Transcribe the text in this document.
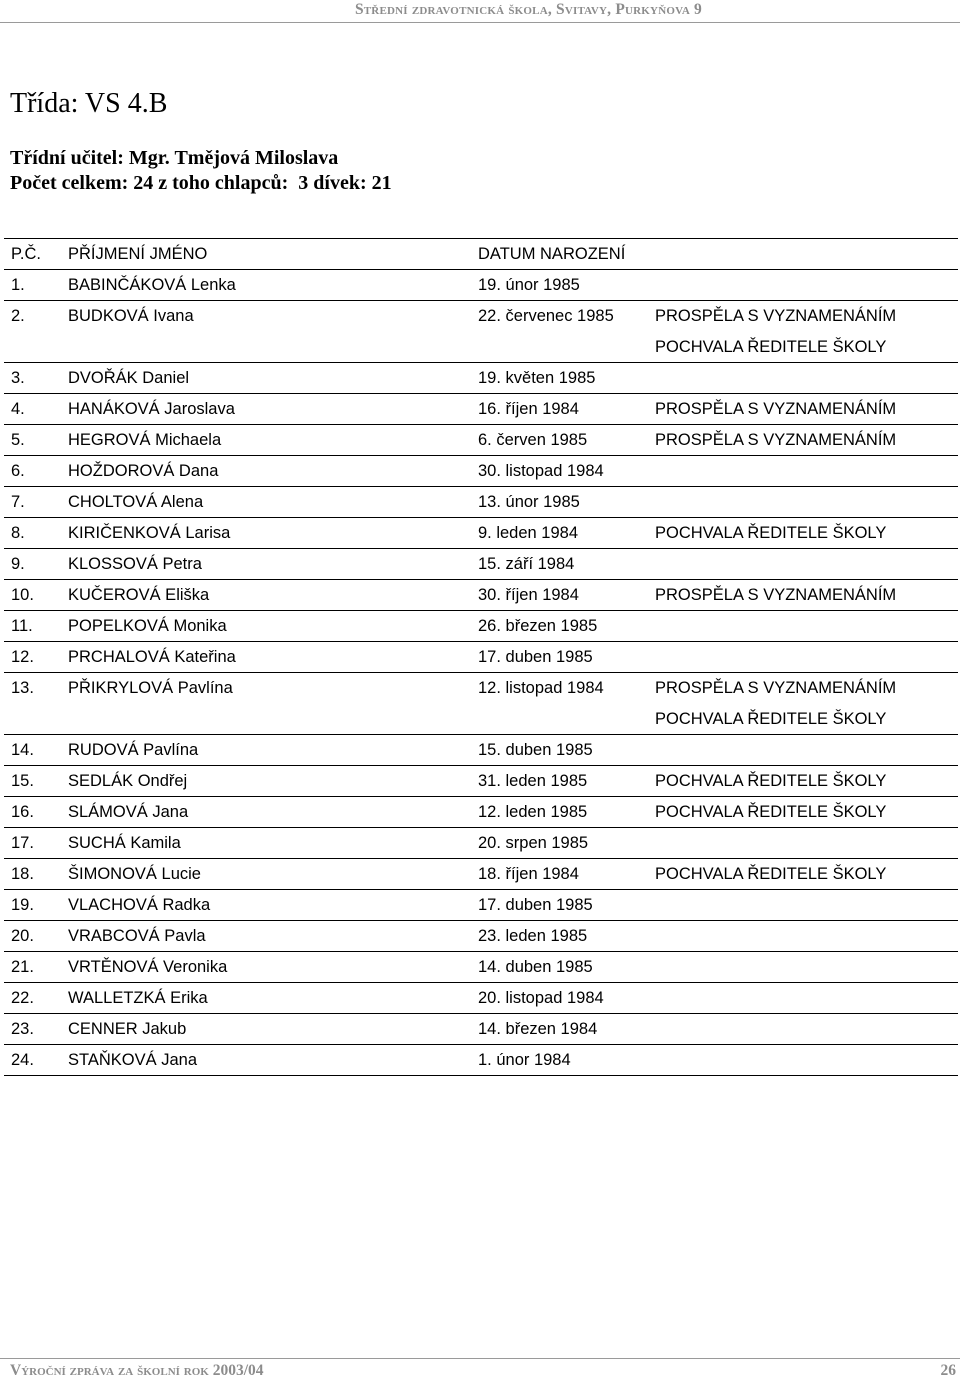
Střední zdravotnická škola, Svitavy, Purkyňova 9
Třída: VS 4.B
Třídní učitel: Mgr. Tmějová Miloslava
Počet celkem: 24 z toho chlapců:  3 dívek: 21
P.Č. PŘÍJMENÍ JMÉNO	DATUM NAROZENÍ
1.	BABINČÁKOVÁ Lenka	19. únor 1985
2.	BUDKOVÁ Ivana	22. červenec 1985 PROSPĚLA S VYZNAMENÁNÍM
POCHVALA ŘEDITELE ŠKOLY
3.	DVOŘÁK Daniel	19. květen 1985
4.	HANÁKOVÁ Jaroslava	16. říjen 1984	PROSPĚLA S VYZNAMENÁNÍM
5.	HEGROVÁ Michaela	6. červen 1985	PROSPĚLA S VYZNAMENÁNÍM
6.	HOŽDOROVÁ Dana	30. listopad 1984
7.	CHOLTOVÁ Alena	13. únor 1985
8.	KIRIČENKOVÁ Larisa	9. leden 1984	POCHVALA ŘEDITELE ŠKOLY
9.	KLOSSOVÁ Petra	15. září 1984
10. KUČEROVÁ Eliška	30. říjen 1984	PROSPĚLA S VYZNAMENÁNÍM
11. POPELKOVÁ Monika	26. březen 1985
12. PRCHALOVÁ Kateřina	17. duben 1985
13. PŘIKRYLOVÁ Pavlína	12. listopad 1984	PROSPĚLA S VYZNAMENÁNÍM
POCHVALA ŘEDITELE ŠKOLY
14. RUDOVÁ Pavlína	15. duben 1985
15. SEDLÁK Ondřej	31. leden 1985	POCHVALA ŘEDITELE ŠKOLY
16. SLÁMOVÁ Jana	12. leden 1985	POCHVALA ŘEDITELE ŠKOLY
17. SUCHÁ Kamila	20. srpen 1985
18. ŠIMONOVÁ Lucie	18. říjen 1984	POCHVALA ŘEDITELE ŠKOLY
19. VLACHOVÁ Radka	17. duben 1985
20. VRABCOVÁ Pavla	23. leden 1985
21. VRTĚNOVÁ Veronika	14. duben 1985
22. WALLETZKÁ Erika	20. listopad 1984
23. CENNER Jakub	14. březen 1984
24. STAŇKOVÁ Jana	1. únor 1984
Výroční zpráva za školní rok 2003/04	26
